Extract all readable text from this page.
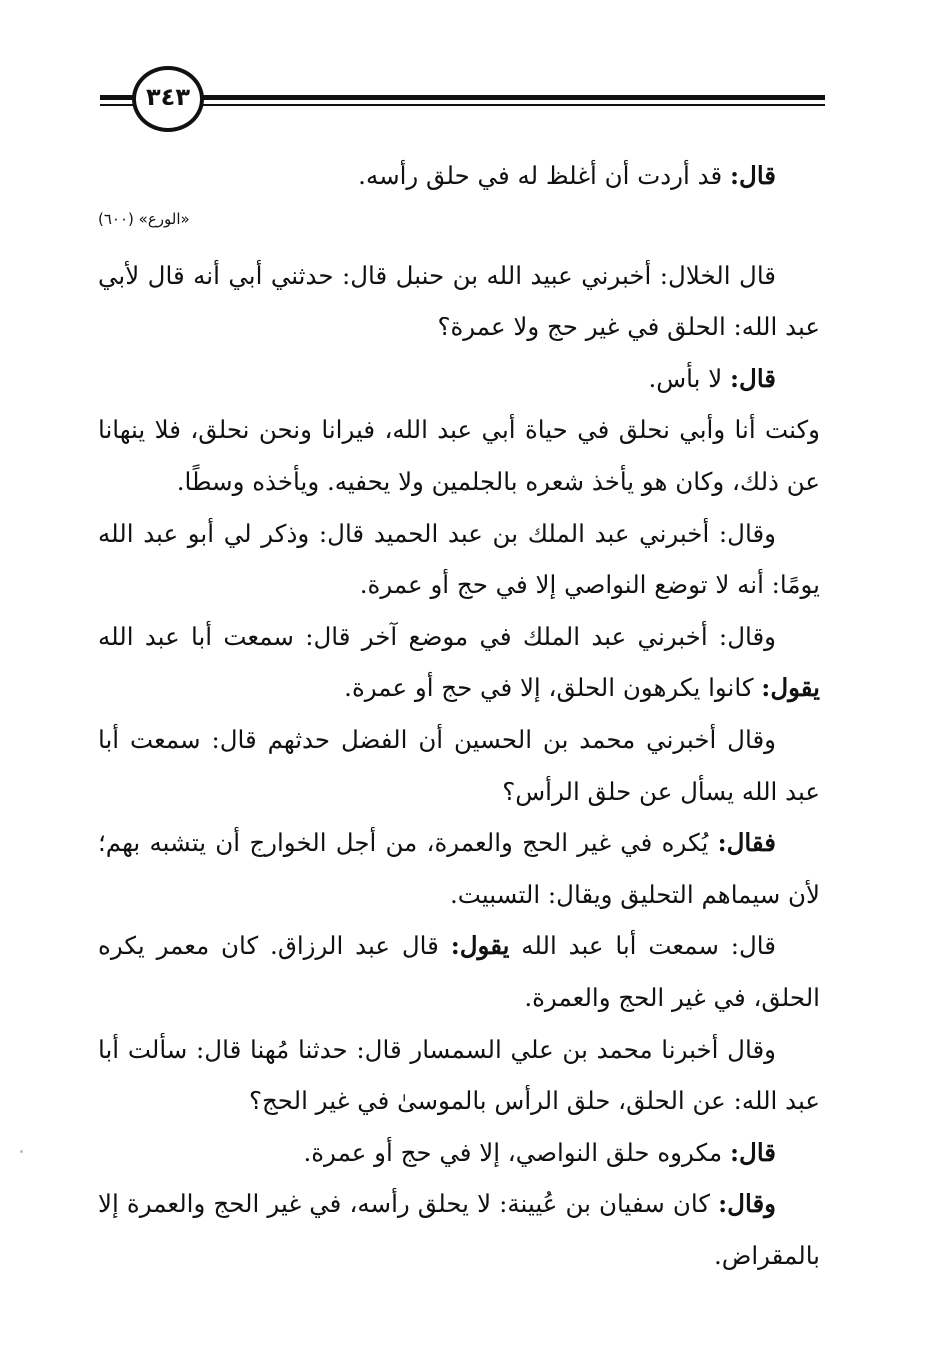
٣٤٣

قال: قد أردت أن أغلظ له في حلق رأسه.

«الورع» (٦٠٠)

قال الخلال: أخبرني عبيد الله بن حنبل قال: حدثني أبي أنه قال لأبي عبد الله: الحلق في غير حج ولا عمرة؟

قال: لا بأس.

وكنت أنا وأبي نحلق في حياة أبي عبد الله، فيرانا ونحن نحلق، فلا ينهانا عن ذلك، وكان هو يأخذ شعره بالجلمين ولا يحفيه. ويأخذه وسطًا.

وقال: أخبرني عبد الملك بن عبد الحميد قال: وذكر لي أبو عبد الله يومًا: أنه لا توضع النواصي إلا في حج أو عمرة.

وقال: أخبرني عبد الملك في موضع آخر قال: سمعت أبا عبد الله يقول: كانوا يكرهون الحلق، إلا في حج أو عمرة.

وقال أخبرني محمد بن الحسين أن الفضل حدثهم قال: سمعت أبا عبد الله يسأل عن حلق الرأس؟

فقال: يُكره في غير الحج والعمرة، من أجل الخوارج أن يتشبه بهم؛ لأن سيماهم التحليق ويقال: التسبيت.

قال: سمعت أبا عبد الله يقول: قال عبد الرزاق. كان معمر يكره الحلق، في غير الحج والعمرة.

وقال أخبرنا محمد بن علي السمسار قال: حدثنا مُهنا قال: سألت أبا عبد الله: عن الحلق، حلق الرأس بالموسىٰ في غير الحج؟

قال: مكروه حلق النواصي، إلا في حج أو عمرة.

وقال: كان سفيان بن عُيينة: لا يحلق رأسه، في غير الحج والعمرة إلا بالمقراض.
